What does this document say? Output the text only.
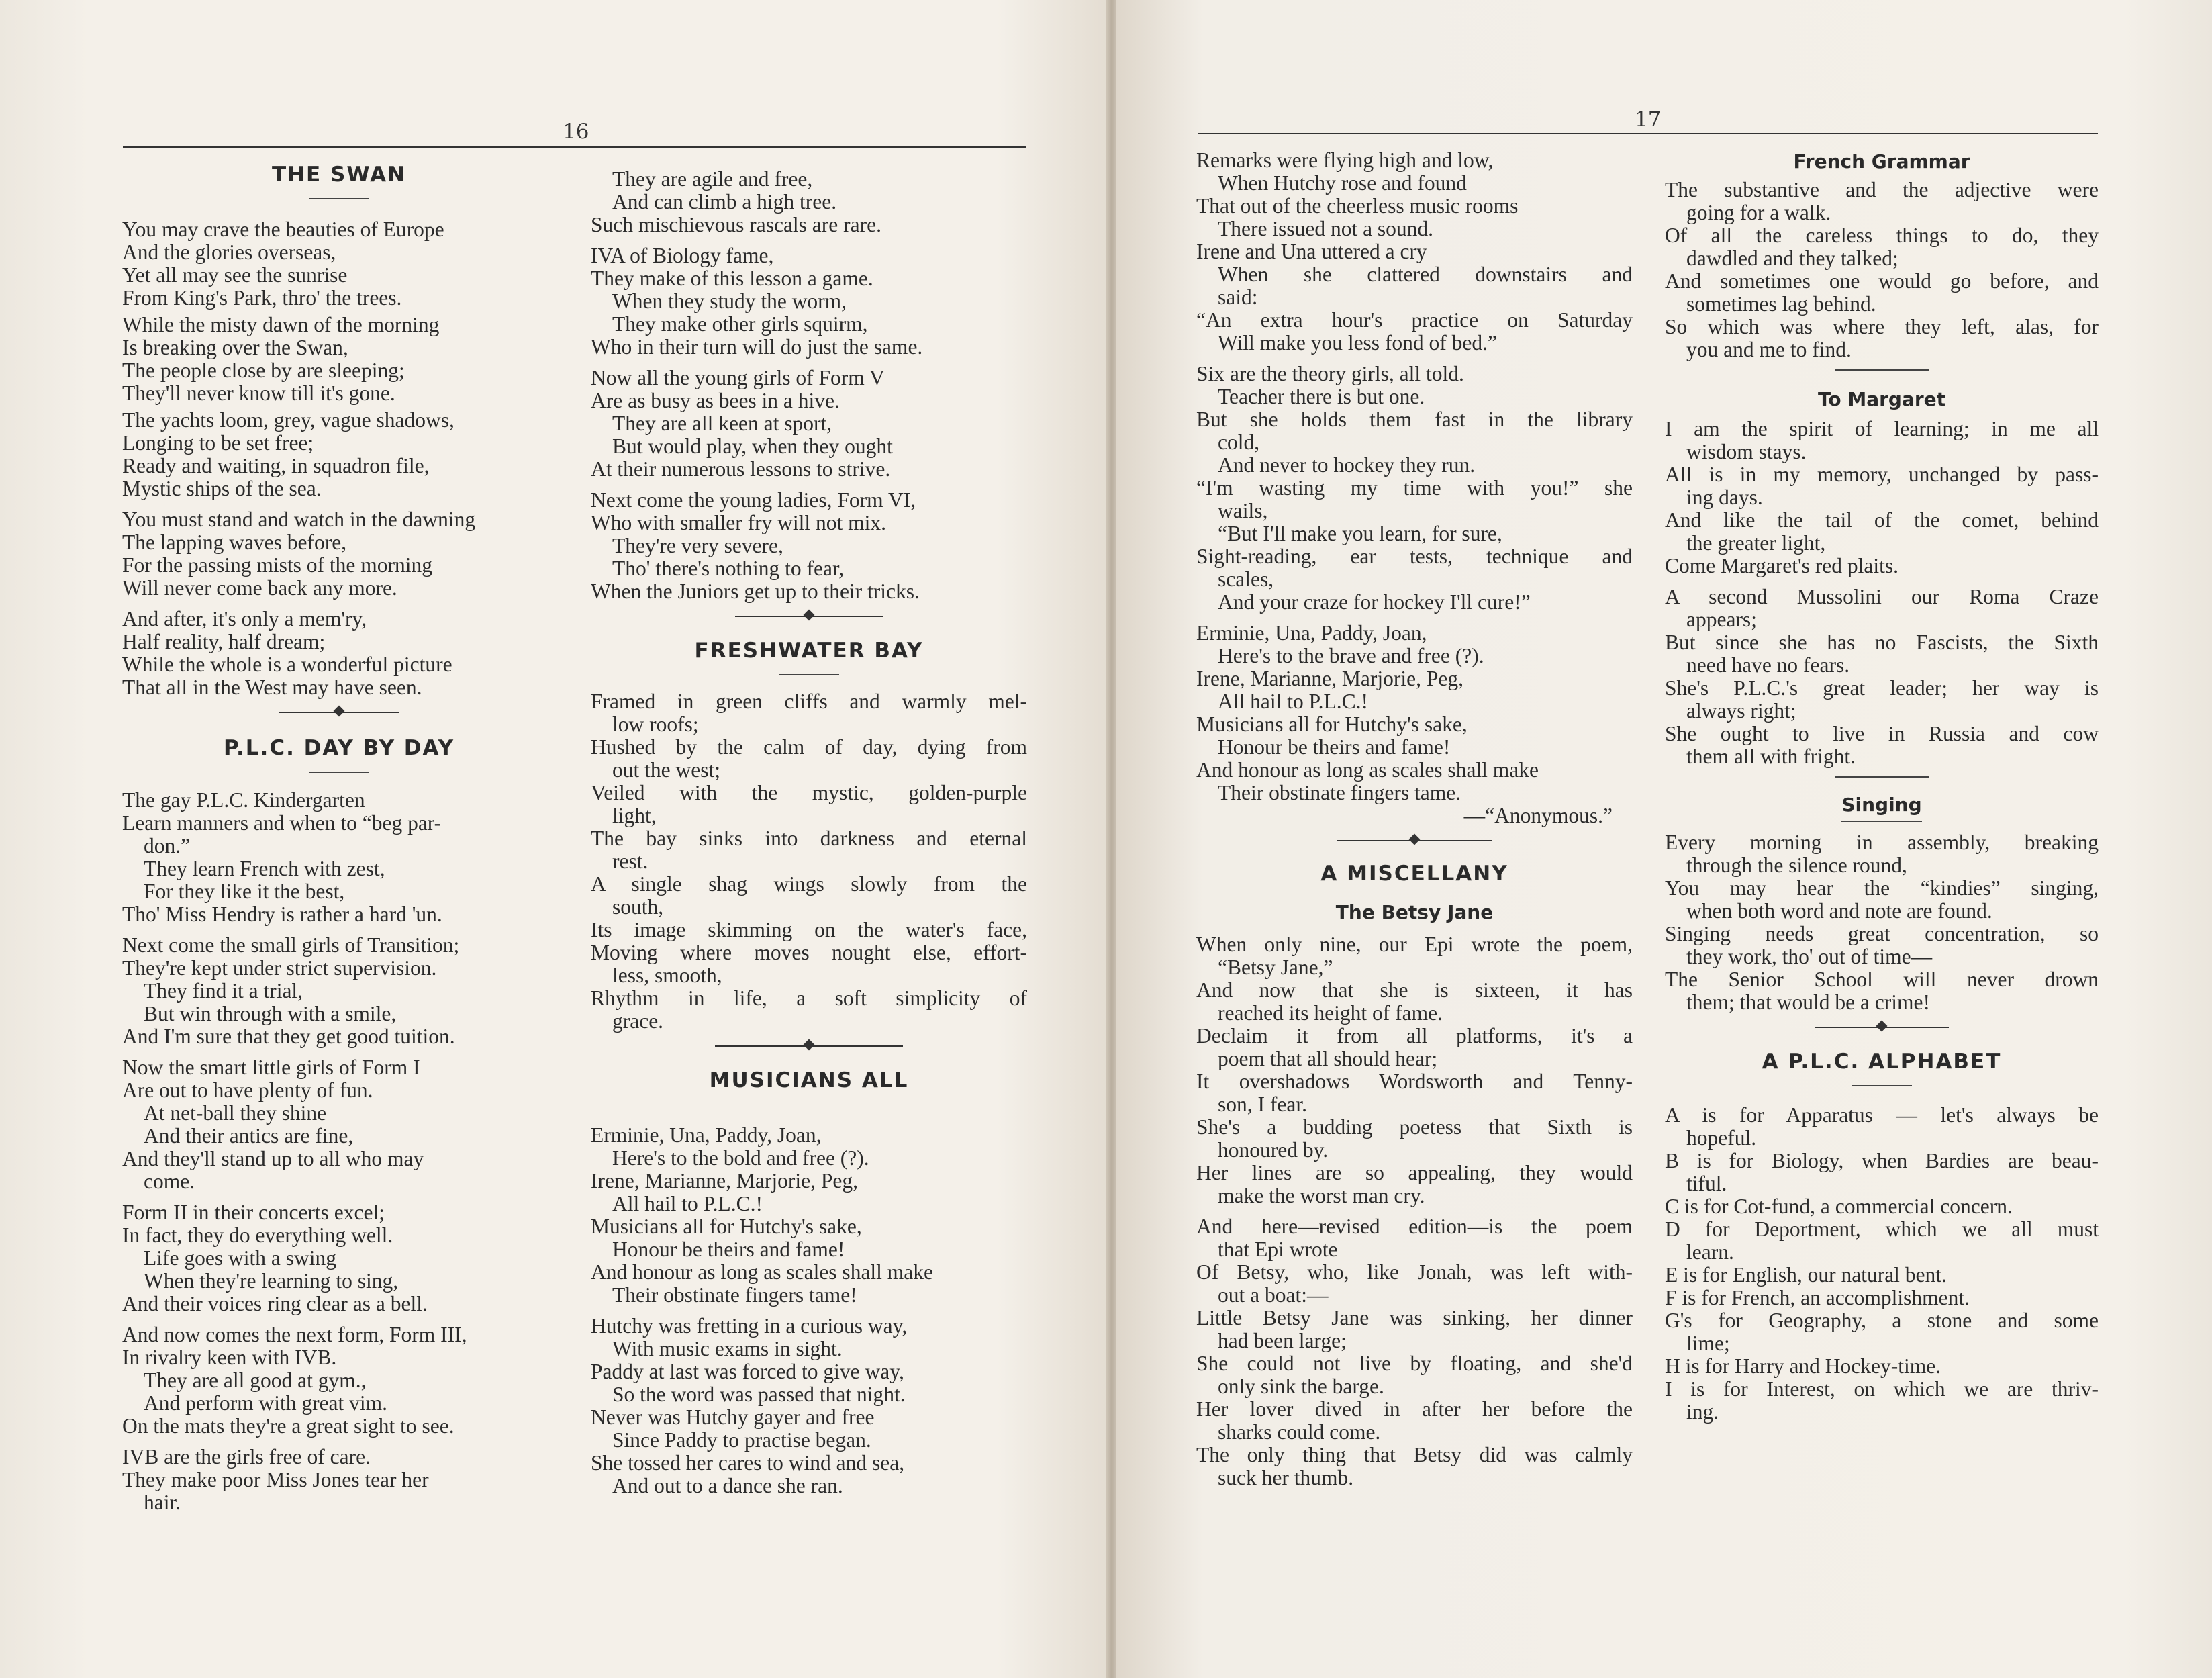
16	17
THE SWAN
You may crave the beauties of Europe
And the glories overseas,
Yet all may see the sunrise
From King's Park, thro' the trees.
While the misty dawn of the morning
Is breaking over the Swan,
The people close by are sleeping;
They'll never know till it's gone.
The yachts loom, grey, vague shadows,
Longing to be set free;
Ready and waiting, in squadron file,
Mystic ships of the sea.
You must stand and watch in the dawning
The lapping waves before,
For the passing mists of the morning
Will never come back any more.
And after, it's only a mem'ry,
Half reality, half dream;
While the whole is a wonderful picture
That all in the West may have seen.
P.L.C. DAY BY DAY
The gay P.L.C. Kindergarten
Learn manners and when to “beg par-
don.”
They learn French with zest,
For they like it the best,
Tho' Miss Hendry is rather a hard 'un.
Next come the small girls of Transition;
They're kept under strict supervision.
They find it a trial,
But win through with a smile,
And I'm sure that they get good tuition.
Now the smart little girls of Form I
Are out to have plenty of fun.
At net-ball they shine
And their antics are fine,
And they'll stand up to all who may
come.
Form II in their concerts excel;
In fact, they do everything well.
Life goes with a swing
When they're learning to sing,
And their voices ring clear as a bell.
And now comes the next form, Form III,
In rivalry keen with IVB.
They are all good at gym.,
And perform with great vim.
On the mats they're a great sight to see.
IVB are the girls free of care.
They make poor Miss Jones tear her
hair.
They are agile and free,
And can climb a high tree.
Such mischievous rascals are rare.
IVA of Biology fame,
They make of this lesson a game.
When they study the worm,
They make other girls squirm,
Who in their turn will do just the same.
Now all the young girls of Form V
Are as busy as bees in a hive.
They are all keen at sport,
But would play, when they ought
At their numerous lessons to strive.
Next come the young ladies, Form VI,
Who with smaller fry will not mix.
They're very severe,
Tho' there's nothing to fear,
When the Juniors get up to their tricks.
FRESHWATER BAY
Framed in green cliffs and warmly mel-
low roofs;
Hushed by the calm of day, dying from
out the west;
Veiled with the mystic, golden-purple
light,
The bay sinks into darkness and eternal
rest.
A single shag wings slowly from the
south,
Its image skimming on the water's face,
Moving where moves nought else, effort-
less, smooth,
Rhythm in life, a soft simplicity of
grace.
MUSICIANS ALL
Erminie, Una, Paddy, Joan,
Here's to the bold and free (?).
Irene, Marianne, Marjorie, Peg,
All hail to P.L.C.!
Musicians all for Hutchy's sake,
Honour be theirs and fame!
And honour as long as scales shall make
Their obstinate fingers tame!
Hutchy was fretting in a curious way,
With music exams in sight.
Paddy at last was forced to give way,
So the word was passed that night.
Never was Hutchy gayer and free
Since Paddy to practise began.
She tossed her cares to wind and sea,
And out to a dance she ran.
Remarks were flying high and low,
When Hutchy rose and found
That out of the cheerless music rooms
There issued not a sound.
Irene and Una uttered a cry
When she clattered downstairs and
said:
“An extra hour's practice on Saturday
Will make you less fond of bed.”
Six are the theory girls, all told.
Teacher there is but one.
But she holds them fast in the library
cold,
And never to hockey they run.
“I'm wasting my time with you!” she
wails,
“But I'll make you learn, for sure,
Sight-reading, ear tests, technique and
scales,
And your craze for hockey I'll cure!”
Erminie, Una, Paddy, Joan,
Here's to the brave and free (?).
Irene, Marianne, Marjorie, Peg,
All hail to P.L.C.!
Musicians all for Hutchy's sake,
Honour be theirs and fame!
And honour as long as scales shall make
Their obstinate fingers tame.
—“Anonymous.”
A MISCELLANY
The Betsy Jane
When only nine, our Epi wrote the poem,
“Betsy Jane,”
And now that she is sixteen, it has
reached its height of fame.
Declaim it from all platforms, it's a
poem that all should hear;
It overshadows Wordsworth and Tenny-
son, I fear.
She's a budding poetess that Sixth is
honoured by.
Her lines are so appealing, they would
make the worst man cry.
And here—revised edition—is the poem
that Epi wrote
Of Betsy, who, like Jonah, was left with-
out a boat:—
Little Betsy Jane was sinking, her dinner
had been large;
She could not live by floating, and she'd
only sink the barge.
Her lover dived in after her before the
sharks could come.
The only thing that Betsy did was calmly
suck her thumb.
French Grammar
The substantive and the adjective were
going for a walk.
Of all the careless things to do, they
dawdled and they talked;
And sometimes one would go before, and
sometimes lag behind.
So which was where they left, alas, for
you and me to find.
To Margaret
I am the spirit of learning; in me all
wisdom stays.
All is in my memory, unchanged by pass-
ing days.
And like the tail of the comet, behind
the greater light,
Come Margaret's red plaits.
A second Mussolini our Roma Craze
appears;
But since she has no Fascists, the Sixth
need have no fears.
She's P.L.C.'s great leader; her way is
always right;
She ought to live in Russia and cow
them all with fright.
Singing
Every morning in assembly, breaking
through the silence round,
You may hear the “kindies” singing,
when both word and note are found.
Singing needs great concentration, so
they work, tho' out of time—
The Senior School will never drown
them; that would be a crime!
A P.L.C. ALPHABET
A is for Apparatus — let's always be
hopeful.
B is for Biology, when Bardies are beau-
tiful.
C is for Cot-fund, a commercial concern.
D for Deportment, which we all must
learn.
E is for English, our natural bent.
F is for French, an accomplishment.
G's for Geography, a stone and some
lime;
H is for Harry and Hockey-time.
I is for Interest, on which we are thriv-
ing.
